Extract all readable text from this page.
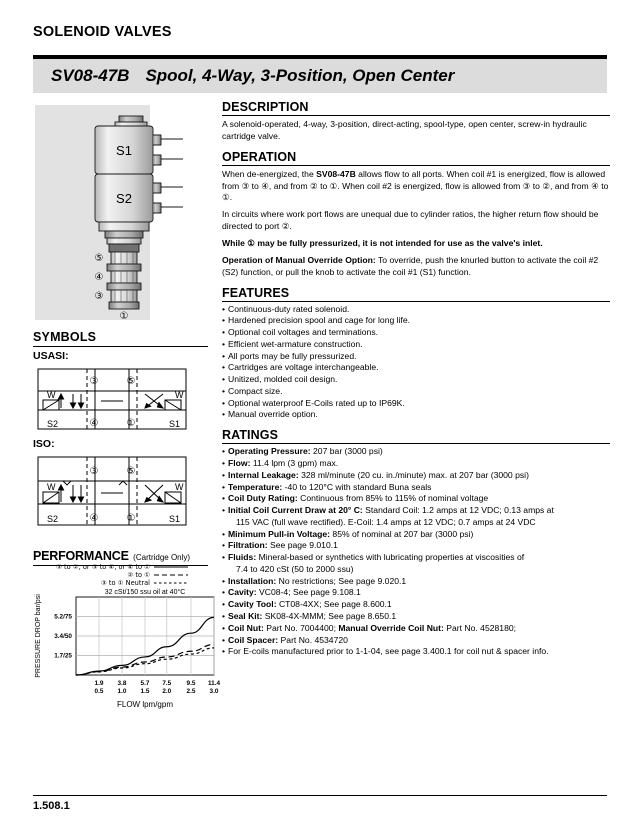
SOLENOID VALVES
SV08-47B Spool, 4-Way, 3-Position, Open Center
S1
S2
⑤
④
③
①
SYMBOLS
USASI:
③	⑤
④	①
S2	S1
W	W
ISO:
③	⑤
④	①
S2	S1
W	W
PERFORMANCE (Cartridge Only)
③ to ②, or ③ to ④, or ④ to ①
② to ①
③ to ① Neutral
32 cSt/150 ssu oil at 40°C
1.9
0.5
3.8
1.0
5.7
1.5
7.5
2.0
9.5
2.5
11.4
3.0
1.7/25
3.4/50
5.2/75
FLOW lpm/gpm
PRESSURE DROP bar/psi
DESCRIPTION

A solenoid-operated, 4-way, 3-position, direct-acting, spool-type, open center, screw-in hydraulic cartridge valve.

OPERATION

When de-energized, the SV08-47B allows flow to all ports. When coil #1 is energized, flow is allowed from ③ to ④, and from ② to ①. When coil #2 is energized, flow is allowed from ③ to ②, and from ④ to ①.

In circuits where work port flows are unequal due to cylinder ratios, the higher return flow should be directed to port ②.

While ① may be fully pressurized, it is not intended for use as the valve's inlet.

Operation of Manual Override Option: To override, push the knurled button to activate the coil #2 (S2) function, or pull the knob to activate the coil #1 (S1) function.

FEATURES
• Continuous-duty rated solenoid.
• Hardened precision spool and cage for long life.
• Optional coil voltages and terminations.
• Efficient wet-armature construction.
• All ports may be fully pressurized.
• Cartridges are voltage interchangeable.
• Unitized, molded coil design.
• Compact size.
• Optional waterproof E-Coils rated up to IP69K.
• Manual override option.
RATINGS
• Operating Pressure: 207 bar (3000 psi)
• Flow: 11.4 lpm (3 gpm) max.
• Internal Leakage: 328 ml/minute (20 cu. in./minute) max. at 207 bar (3000 psi)
• Temperature: -40 to 120°C with standard Buna seals
• Coil Duty Rating: Continuous from 85% to 115% of nominal voltage
• Initial Coil Current Draw at 20° C: Standard Coil: 1.2 amps at 12 VDC; 0.13 amps at
115 VAC (full wave rectified). E-Coil: 1.4 amps at 12 VDC; 0.7 amps at 24 VDC
• Minimum Pull-in Voltage: 85% of nominal at 207 bar (3000 psi)
• Filtration: See page 9.010.1
• Fluids: Mineral-based or synthetics with lubricating properties at viscosities of
7.4 to 420 cSt (50 to 2000 ssu)
• Installation: No restrictions; See page 9.020.1
• Cavity: VC08-4; See page 9.108.1
• Cavity Tool: CT08-4XX; See page 8.600.1
• Seal Kit: SK08-4X-MMM; See page 8.650.1
• Coil Nut: Part No. 7004400; Manual Override Coil Nut: Part No. 4528180;
• Coil Spacer: Part No. 4534720
• For E-coils manufactured prior to 1-1-04, see page 3.400.1 for coil nut & spacer info.
1.508.1
